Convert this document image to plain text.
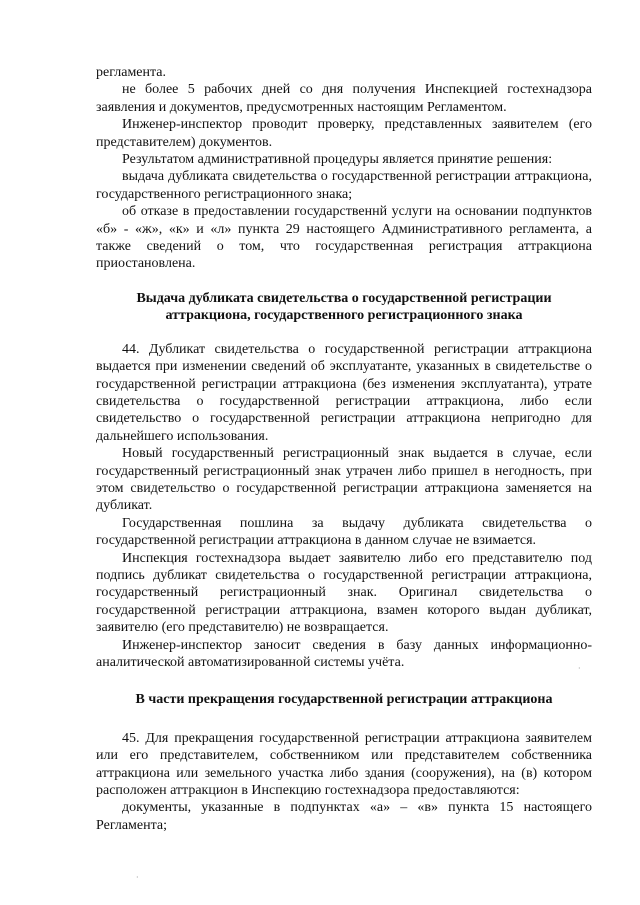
регламента.

не более 5 рабочих дней со дня получения Инспекцией гостехнадзора заявления и документов, предусмотренных настоящим Регламентом.

Инженер-инспектор проводит проверку, представленных заявителем (его представителем) документов.

Результатом административной процедуры является принятие решения:

выдача дубликата свидетельства о государственной регистрации аттракциона, государственного регистрационного знака;

об отказе в предоставлении государственнй услуги на основании подпунктов «б» - «ж», «к» и «л» пункта 29 настоящего Административного регламента, а также сведений о том, что государственная регистрация аттракциона приостановлена.

Выдача дубликата свидетельства о государственной регистрации аттракциона, государственного регистрационного знака

44. Дубликат свидетельства о государственной регистрации аттракциона выдается при изменении сведений об эксплуатанте, указанных в свидетельстве о государственной регистрации аттракциона (без изменения эксплуатанта), утрате свидетельства о государственной регистрации аттракциона, либо если свидетельство о государственной регистрации аттракциона непригодно для дальнейшего использования.

Новый государственный регистрационный знак выдается в случае, если государственный регистрационный знак утрачен либо пришел в негодность, при этом свидетельство о государственной регистрации аттракциона заменяется на дубликат.

Государственная пошлина за выдачу дубликата свидетельства о государственной регистрации аттракциона в данном случае не взимается.

Инспекция гостехнадзора выдает заявителю либо его представителю под подпись дубликат свидетельства о государственной регистрации аттракциона, государственный регистрационный знак. Оригинал свидетельства о государственной регистрации аттракциона, взамен которого выдан дубликат, заявителю (его представителю) не возвращается.

Инженер-инспектор заносит сведения в базу данных информационно-аналитической автоматизированной системы учёта.

В части прекращения государственной регистрации аттракциона

45. Для прекращения государственной регистрации аттракциона заявителем или его представителем, собственником или представителем собственника аттракциона или земельного участка либо здания (сооружения), на (в) котором расположен аттракцион в Инспекцию гостехнадзора предоставляются:

документы, указанные в подпунктах «а» – «в» пункта 15 настоящего Регламента;

·
·
